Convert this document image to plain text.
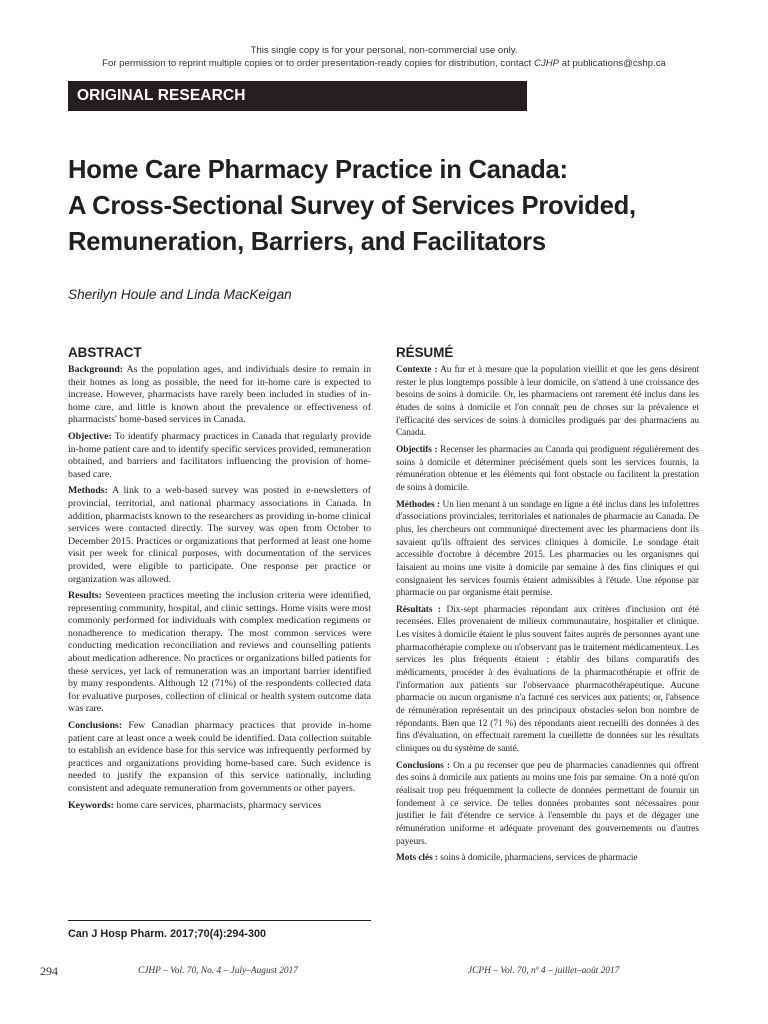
This single copy is for your personal, non-commercial use only.
For permission to reprint multiple copies or to order presentation-ready copies for distribution, contact CJHP at publications@cshp.ca
ORIGINAL RESEARCH
Home Care Pharmacy Practice in Canada:
A Cross-Sectional Survey of Services Provided,
Remuneration, Barriers, and Facilitators
Sherilyn Houle and Linda MacKeigan
ABSTRACT

Background: As the population ages, and individuals desire to remain in their homes as long as possible, the need for in-home care is expected to increase. However, pharmacists have rarely been included in studies of in-home care, and little is known about the prevalence or effectiveness of pharmacists' home-based services in Canada.

Objective: To identify pharmacy practices in Canada that regularly provide in-home patient care and to identify specific services provided, remuneration obtained, and barriers and facilitators influencing the provision of home-based care.

Methods: A link to a web-based survey was posted in e-newsletters of provincial, territorial, and national pharmacy associations in Canada. In addition, pharmacists known to the researchers as providing in-home clinical services were contacted directly. The survey was open from October to December 2015. Practices or organizations that performed at least one home visit per week for clinical purposes, with documentation of the services provided, were eligible to participate. One response per practice or organization was allowed.

Results: Seventeen practices meeting the inclusion criteria were identified, representing community, hospital, and clinic settings. Home visits were most commonly performed for individuals with complex medication regimens or nonadherence to medication therapy. The most common services were conducting medication reconciliation and reviews and counselling patients about medication adherence. No practices or organizations billed patients for these services, yet lack of remuneration was an important barrier identified by many respondents. Although 12 (71%) of the respondents collected data for evaluative purposes, collection of clinical or health system outcome data was rare.

Conclusions: Few Canadian pharmacy practices that provide in-home patient care at least once a week could be identified. Data collection suitable to establish an evidence base for this service was infrequently performed by practices and organizations providing home-based care. Such evidence is needed to justify the expansion of this service nationally, including consistent and adequate remuneration from governments or other payers.

Keywords: home care services, pharmacists, pharmacy services

RÉSUMÉ

Contexte : Au fur et à mesure que la population vieillit et que les gens désirent rester le plus longtemps possible à leur domicile, on s'attend à une croissance des besoins de soins à domicile. Or, les pharmaciens ont rarement été inclus dans les études de soins à domicile et l'on connaît peu de choses sur la prévalence et l'efficacité des services de soins à domiciles prodigués par des pharmaciens au Canada.

Objectifs : Recenser les pharmacies au Canada qui prodiguent régulièrement des soins à domicile et déterminer précisément quels sont les services fournis, la rémunération obtenue et les éléments qui font obstacle ou facilitent la prestation de soins à domicile.

Méthodes : Un lien menant à un sondage en ligne a été inclus dans les infolettres d'associations provinciales, territoriales et nationales de pharmacie au Canada. De plus, les chercheurs ont communiqué directement avec les pharmaciens dont ils savaient qu'ils offraient des services cliniques à domicile. Le sondage était accessible d'octobre à décembre 2015. Les pharmacies ou les organismes qui faisaient au moins une visite à domicile par semaine à des fins cliniques et qui consignaient les services fournis étaient admissibles à l'étude. Une réponse par pharmacie ou par organisme était permise.

Résultats : Dix-sept pharmacies répondant aux critères d'inclusion ont été recensées. Elles provenaient de milieux communautaire, hospitalier et clinique. Les visites à domicile étaient le plus souvent faites auprès de personnes ayant une pharmacothérapie complexe ou n'observant pas le traitement médicamenteux. Les services les plus fréquents étaient : établir des bilans comparatifs des médicaments, procéder à des évaluations de la pharmacothérapie et offrir de l'information aux patients sur l'observance pharmacothérapeutique. Aucune pharmacie ou aucun organisme n'a facturé ces services aux patients; or, l'absence de rémunération représentait un des principaux obstacles selon bon nombre de répondants. Bien que 12 (71 %) des répondants aient recueilli des données à des fins d'évaluation, on effectuait rarement la cueillette de données sur les résultats cliniques ou du système de santé.

Conclusions : On a pu recenser que peu de pharmacies canadiennes qui offrent des soins à domicile aux patients au moins une fois par semaine. On a noté qu'on réalisait trop peu fréquemment la collecte de données permettant de fournir un fondement à ce service. De telles données probantes sont nécessaires pour justifier le fait d'étendre ce service à l'ensemble du pays et de dégager une rémunération uniforme et adéquate provenant des gouvernements ou d'autres payeurs.

Mots clés : soins à domicile, pharmaciens, services de pharmacie

Can J Hosp Pharm. 2017;70(4):294-300
294	CJHP – Vol. 70, No. 4 – July–August 2017	JCPH – Vol. 70, nº 4 – juillet–août 2017
